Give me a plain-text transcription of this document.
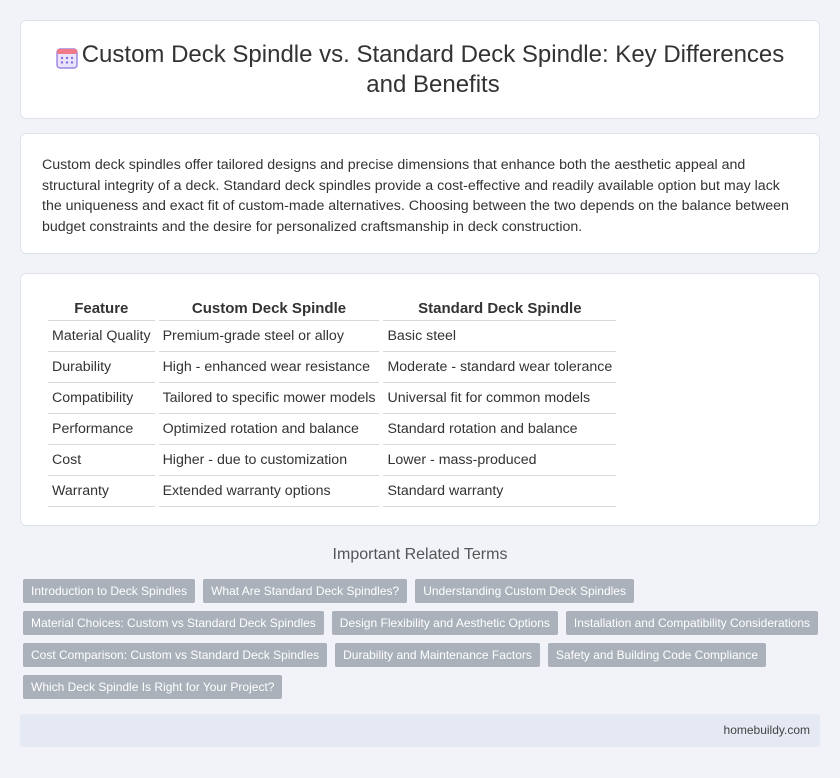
Custom Deck Spindle vs. Standard Deck Spindle: Key Differences and Benefits

Custom deck spindles offer tailored designs and precise dimensions that enhance both the aesthetic appeal and structural integrity of a deck. Standard deck spindles provide a cost-effective and readily available option but may lack the uniqueness and exact fit of custom-made alternatives. Choosing between the two depends on the balance between budget constraints and the desire for personalized craftsmanship in deck construction.

Feature	Custom Deck Spindle	Standard Deck Spindle
Material Quality	Premium-grade steel or alloy	Basic steel
Durability	High - enhanced wear resistance	Moderate - standard wear tolerance
Compatibility	Tailored to specific mower models	Universal fit for common models
Performance	Optimized rotation and balance	Standard rotation and balance
Cost	Higher - due to customization	Lower - mass-produced
Warranty	Extended warranty options	Standard warranty
Important Related Terms
Introduction to Deck Spindles	What Are Standard Deck Spindles?	Understanding Custom Deck Spindles
Material Choices: Custom vs Standard Deck Spindles	Design Flexibility and Aesthetic Options	Installation and Compatibility Considerations
Cost Comparison: Custom vs Standard Deck Spindles	Durability and Maintenance Factors	Safety and Building Code Compliance
Which Deck Spindle Is Right for Your Project?
homebuildy.com
